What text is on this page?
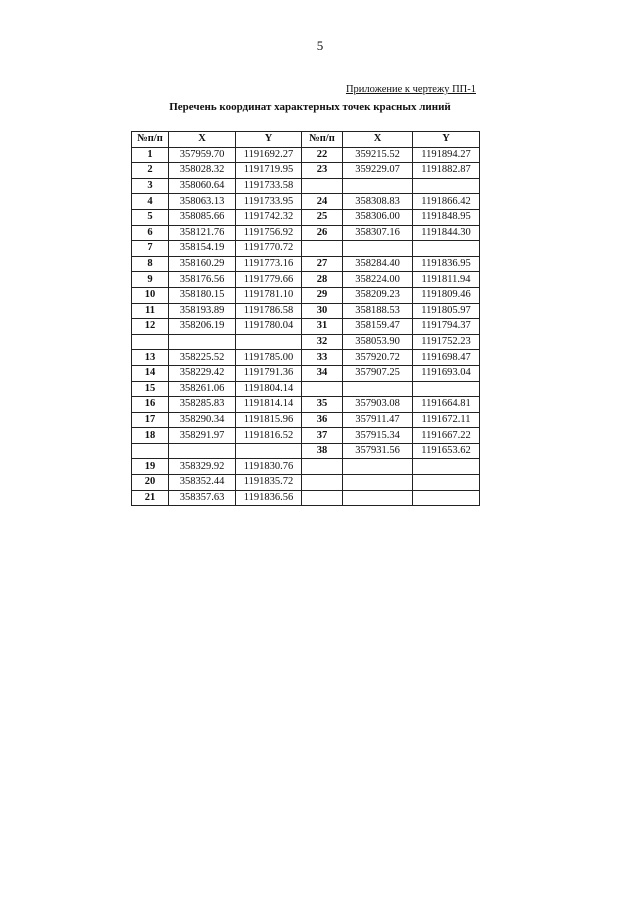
5
Приложение к чертежу ПП-1
Перечень координат характерных точек красных линий
№п/п	X	Y	№п/п	X	Y
1	357959.70	1191692.27	22	359215.52	1191894.27
2	358028.32	1191719.95	23	359229.07	1191882.87
3	358060.64	1191733.58			
4	358063.13	1191733.95	24	358308.83	1191866.42
5	358085.66	1191742.32	25	358306.00	1191848.95
6	358121.76	1191756.92	26	358307.16	1191844.30
7	358154.19	1191770.72			
8	358160.29	1191773.16	27	358284.40	1191836.95
9	358176.56	1191779.66	28	358224.00	1191811.94
10	358180.15	1191781.10	29	358209.23	1191809.46
11	358193.89	1191786.58	30	358188.53	1191805.97
12	358206.19	1191780.04	31	358159.47	1191794.37
			32	358053.90	1191752.23
13	358225.52	1191785.00	33	357920.72	1191698.47
14	358229.42	1191791.36	34	357907.25	1191693.04
15	358261.06	1191804.14			
16	358285.83	1191814.14	35	357903.08	1191664.81
17	358290.34	1191815.96	36	357911.47	1191672.11
18	358291.97	1191816.52	37	357915.34	1191667.22
			38	357931.56	1191653.62
19	358329.92	1191830.76			
20	358352.44	1191835.72			
21	358357.63	1191836.56			
